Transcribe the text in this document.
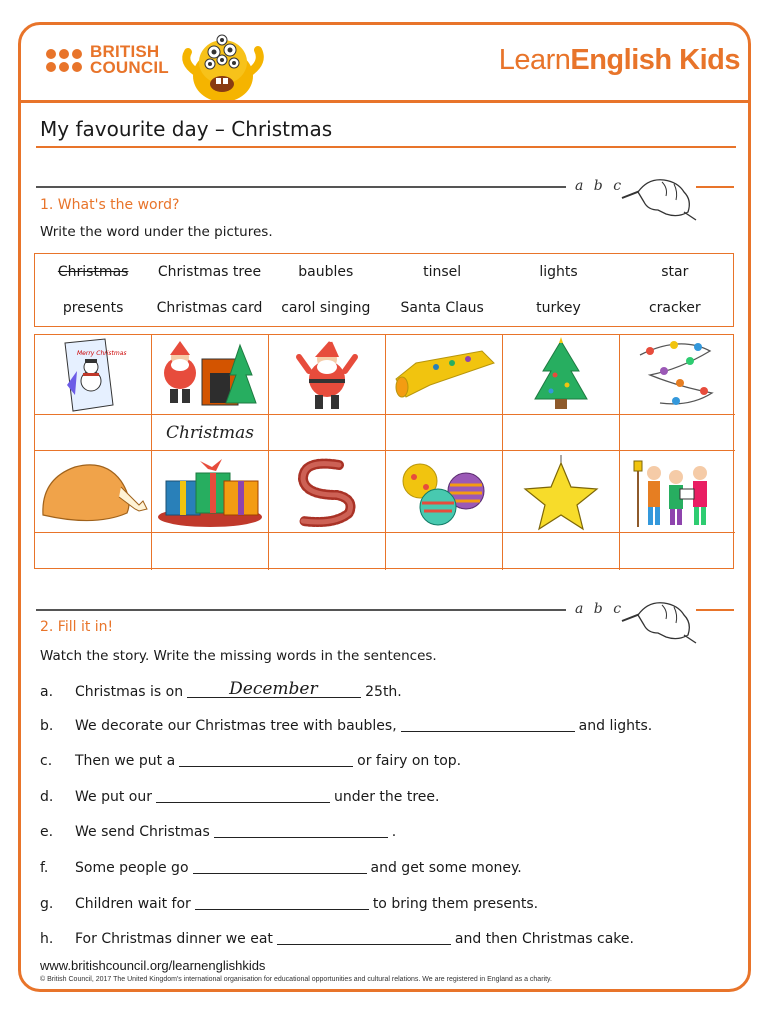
BRITISH
COUNCIL	LearnEnglish Kids
My favourite day – Christmas
a b c
1. What's the word?
Write the word under the pictures.
Christmas	Christmas tree	baubles	tinsel	lights	star
presents	Christmas card	carol singing	Santa Claus	turkey	cracker
Merry Christmas
Christmas
a b c
2. Fill it in!
Watch the story. Write the missing words in the sentences.
a.	Christmas is on	December	25th.
b.	We decorate our Christmas tree with baubles,	and lights.
c.	Then we put a	or fairy on top.
d.	We put our	under the tree.
e.	We send Christmas	.
f.	Some people go	and get some money.
g.	Children wait for	to bring them presents.
h.	For Christmas dinner we eat	and then Christmas cake.
www.britishcouncil.org/learnenglishkids
© British Council, 2017 The United Kingdom's international organisation for educational opportunities and cultural relations. We are registered in England as a charity.
